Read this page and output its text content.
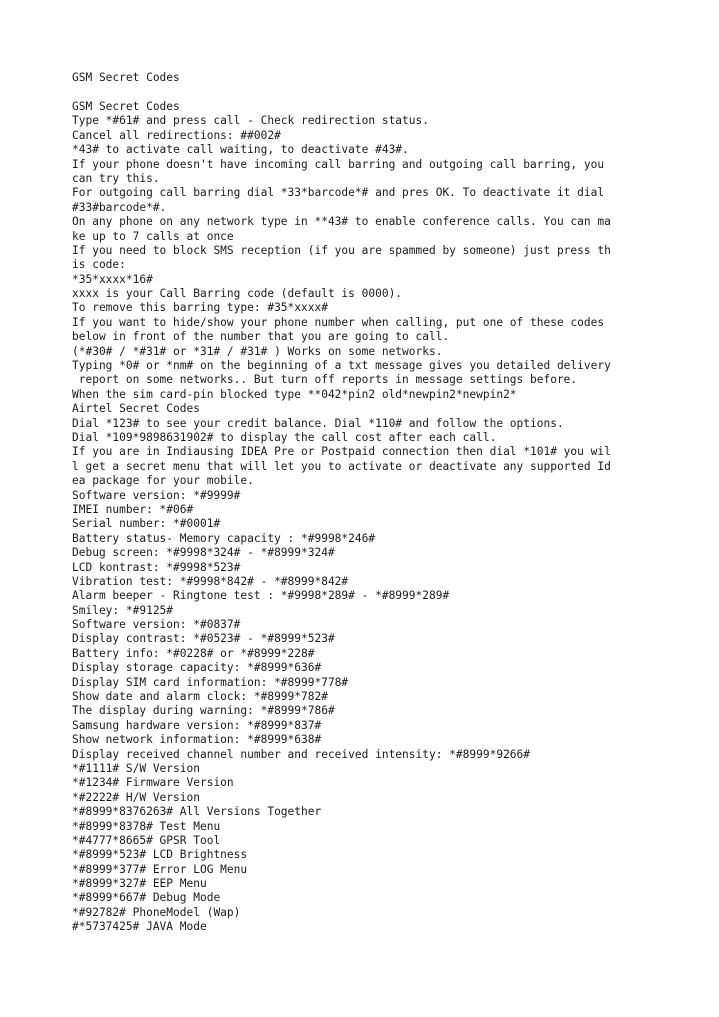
GSM Secret Codes

GSM Secret Codes
Type *#61# and press call - Check redirection status.
Cancel all redirections: ##002#
*43# to activate call waiting, to deactivate #43#.
If your phone doesn't have incoming call barring and outgoing call barring, you
can try this.
For outgoing call barring dial *33*barcode*# and pres OK. To deactivate it dial
#33#barcode*#.
On any phone on any network type in **43# to enable conference calls. You can ma
ke up to 7 calls at once
If you need to block SMS reception (if you are spammed by someone) just press th
is code:
*35*xxxx*16#
xxxx is your Call Barring code (default is 0000).
To remove this barring type: #35*xxxx#
If you want to hide/show your phone number when calling, put one of these codes
below in front of the number that you are going to call.
(*#30# / *#31# or *31# / #31# ) Works on some networks.
Typing *0# or *nm# on the beginning of a txt message gives you detailed delivery
report on some networks.. But turn off reports in message settings before.
When the sim card-pin blocked type **042*pin2 old*newpin2*newpin2*
Airtel Secret Codes
Dial *123# to see your credit balance. Dial *110# and follow the options.
Dial *109*9898631902# to display the call cost after each call.
If you are in Indiausing IDEA Pre or Postpaid connection then dial *101# you wil
l get a secret menu that will let you to activate or deactivate any supported Id
ea package for your mobile.
Software version: *#9999#
IMEI number: *#06#
Serial number: *#0001#
Battery status- Memory capacity : *#9998*246#
Debug screen: *#9998*324# - *#8999*324#
LCD kontrast: *#9998*523#
Vibration test: *#9998*842# - *#8999*842#
Alarm beeper - Ringtone test : *#9998*289# - *#8999*289#
Smiley: *#9125#
Software version: *#0837#
Display contrast: *#0523# - *#8999*523#
Battery info: *#0228# or *#8999*228#
Display storage capacity: *#8999*636#
Display SIM card information: *#8999*778#
Show date and alarm clock: *#8999*782#
The display during warning: *#8999*786#
Samsung hardware version: *#8999*837#
Show network information: *#8999*638#
Display received channel number and received intensity: *#8999*9266#
*#1111# S/W Version
*#1234# Firmware Version
*#2222# H/W Version
*#8999*8376263# All Versions Together
*#8999*8378# Test Menu
*#4777*8665# GPSR Tool
*#8999*523# LCD Brightness
*#8999*377# Error LOG Menu
*#8999*327# EEP Menu
*#8999*667# Debug Mode
*#92782# PhoneModel (Wap)
#*5737425# JAVA Mode
